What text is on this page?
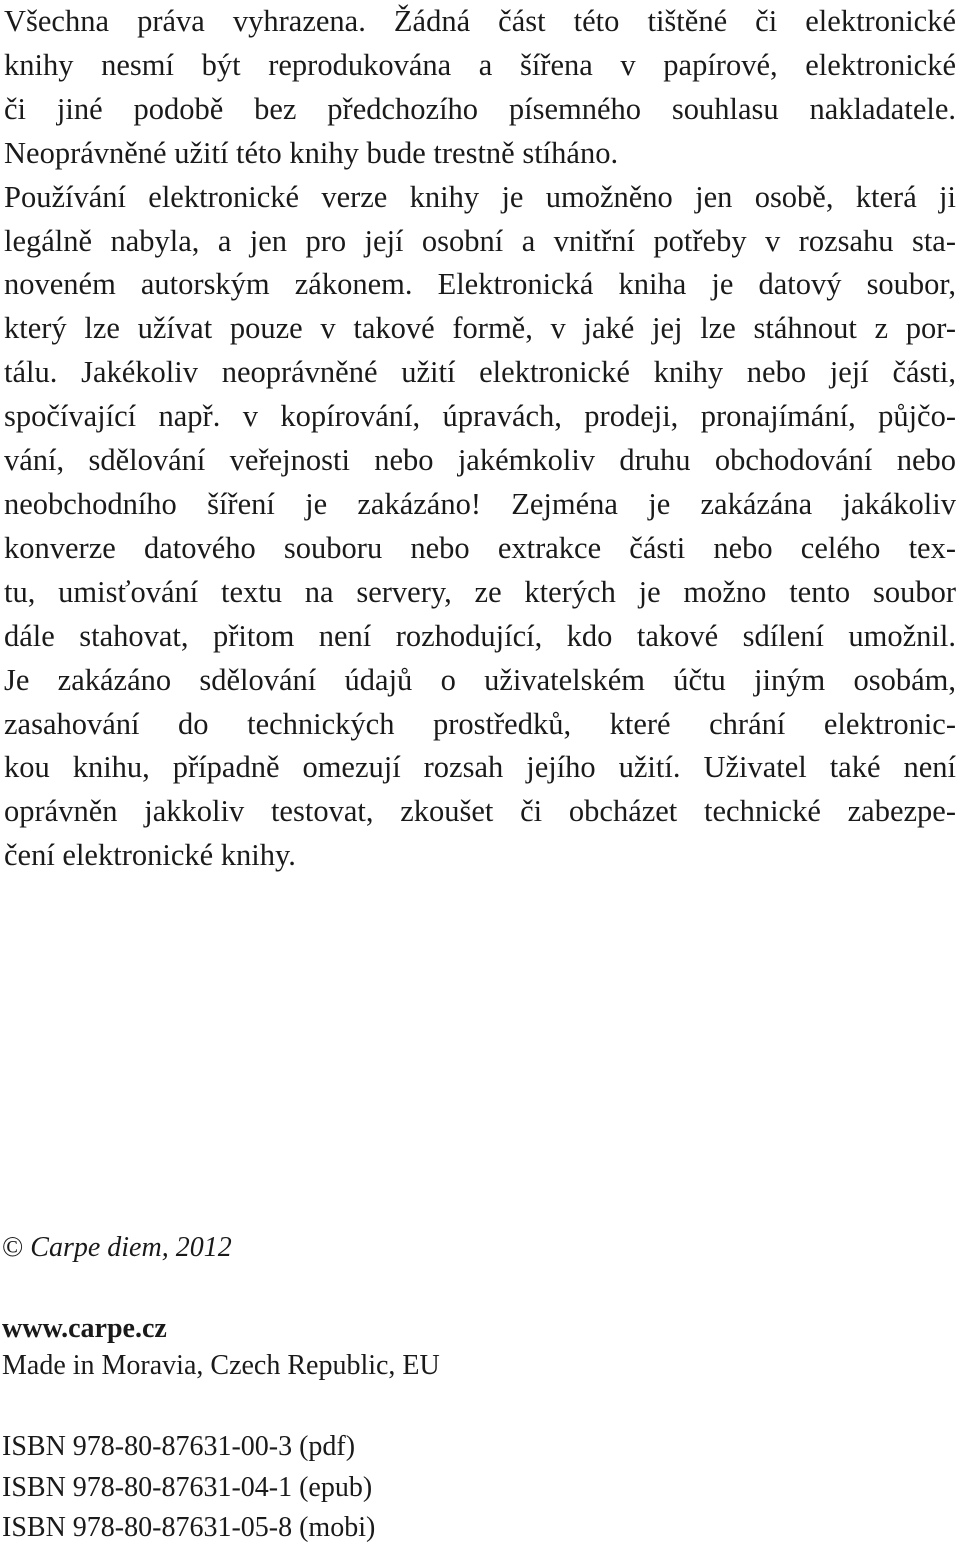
Všechna práva vyhrazena. Žádná část této tištěné či elektronické
knihy nesmí být reprodukována a šířena v papírové, elektronické
či jiné podobě bez předchozího písemného souhlasu nakladatele.
Neoprávněné užití této knihy bude trestně stíháno.
Používání elektronické verze knihy je umožněno jen osobě, která ji
legálně nabyla, a jen pro její osobní a vnitřní potřeby v rozsahu sta-
noveném autorským zákonem. Elektronická kniha je datový soubor,
který lze užívat pouze v takové formě, v jaké jej lze stáhnout z por-
tálu. Jakékoliv neoprávněné užití elektronické knihy nebo její části,
spočívající např. v kopírování, úpravách, prodeji, pronajímání, půjčo-
vání, sdělování veřejnosti nebo jakémkoliv druhu obchodování nebo
neobchodního šíření je zakázáno! Zejména je zakázána jakákoliv
konverze datového souboru nebo extrakce části nebo celého tex-
tu, umisťování textu na servery, ze kterých je možno tento soubor
dále stahovat, přitom není rozhodující, kdo takové sdílení umožnil.
Je zakázáno sdělování údajů o uživatelském účtu jiným osobám,
zasahování do technických prostředků, které chrání elektronic-
kou knihu, případně omezují rozsah jejího užití. Uživatel také není
oprávněn jakkoliv testovat, zkoušet či obcházet technické zabezpe-
čení elektronické knihy.

© Carpe diem, 2012

www.carpe.cz

Made in Moravia, Czech Republic, EU

ISBN 978-80-87631-00-3 (pdf)
ISBN 978-80-87631-04-1 (epub)
ISBN 978-80-87631-05-8 (mobi)
